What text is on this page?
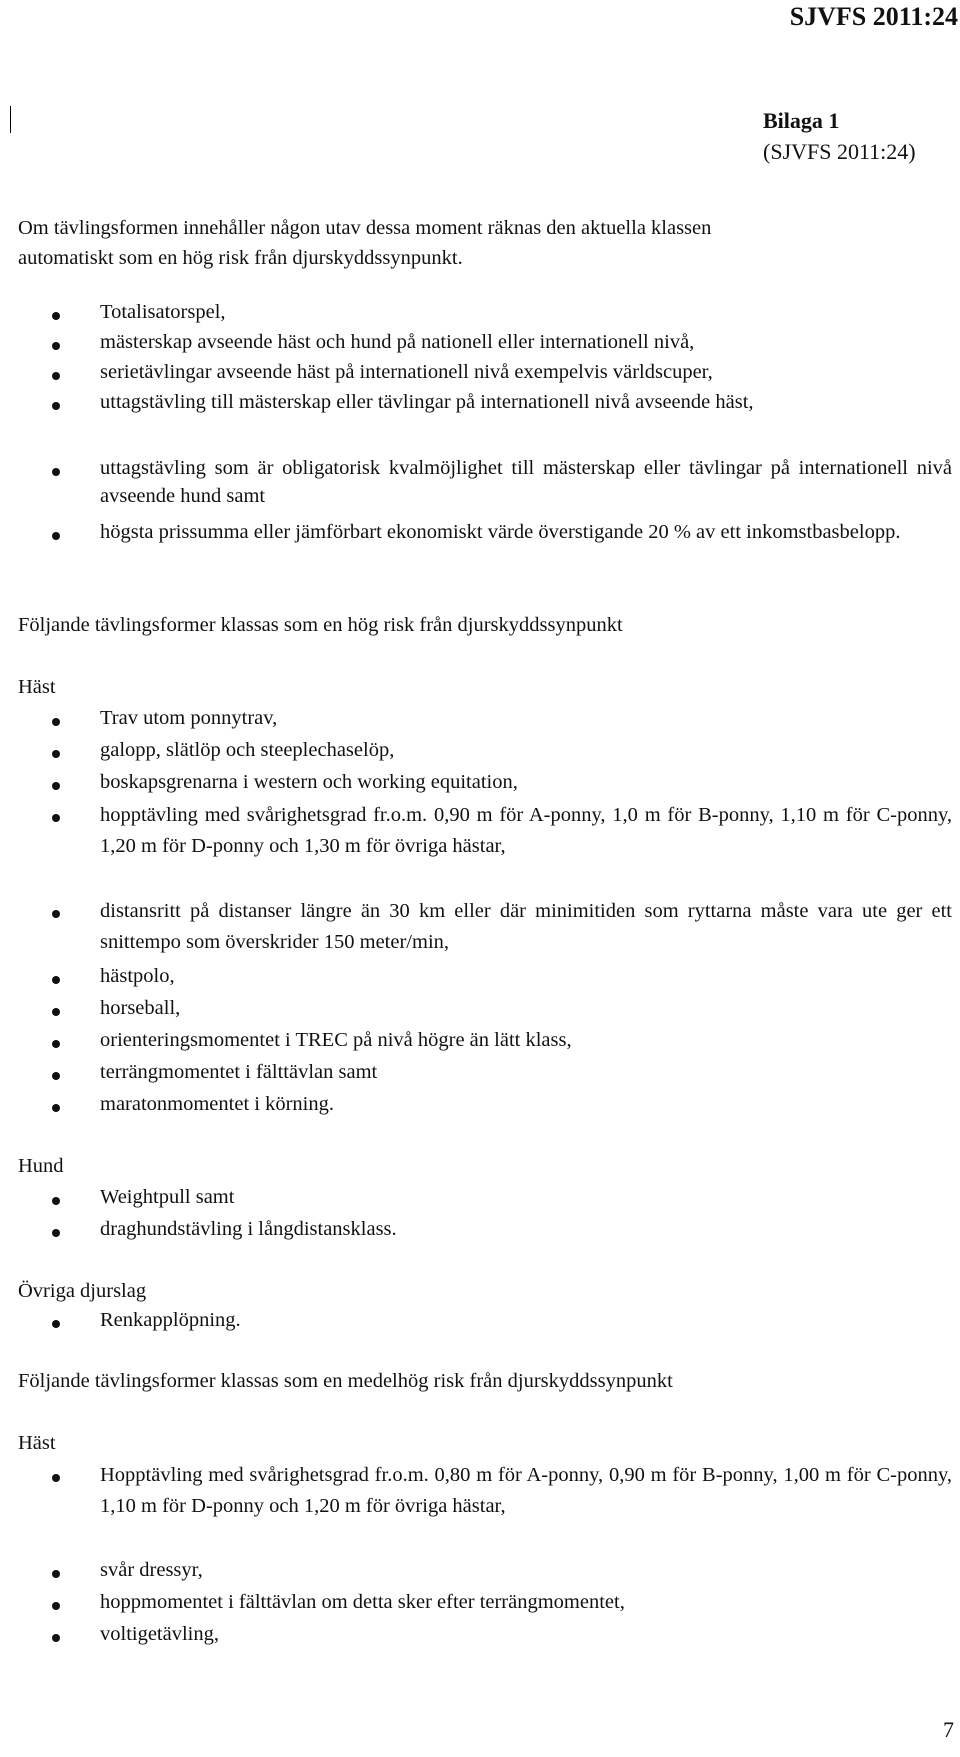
SJVFS 2011:24
Bilaga 1
(SJVFS 2011:24)
Om tävlingsformen innehåller någon utav dessa moment räknas den aktuella klassen
automatiskt som en hög risk från djurskyddssynpunkt.
Totalisatorspel,
mästerskap avseende häst och hund på nationell eller internationell nivå,
serietävlingar avseende häst på internationell nivå exempelvis världscuper,
uttagstävling till mästerskap eller tävlingar på internationell nivå avseende häst,
uttagstävling som är obligatorisk kvalmöjlighet till mästerskap eller tävlingar på internationell nivå avseende hund samt
högsta prissumma eller jämförbart ekonomiskt värde överstigande 20 % av ett inkomstbasbelopp.
Följande tävlingsformer klassas som en hög risk från djurskyddssynpunkt
Häst
Trav utom ponnytrav,
galopp, slätlöp och steeplechaselöp,
boskapsgrenarna i western och working equitation,
hopptävling med svårighetsgrad fr.o.m. 0,90 m för A-ponny, 1,0 m för B-ponny, 1,10 m för C-ponny, 1,20 m för D-ponny och 1,30 m för övriga hästar,
distansritt på distanser längre än 30 km eller där minimitiden som ryttarna måste vara ute ger ett snittempo som överskrider 150 meter/min,
hästpolo,
horseball,
orienteringsmomentet i TREC på nivå högre än lätt klass,
terrängmomentet i fälttävlan samt
maratonmomentet i körning.
Hund
Weightpull samt
draghundstävling i långdistansklass.
Övriga djurslag
Renkapplöpning.
Följande tävlingsformer klassas som en medelhög risk från djurskyddssynpunkt
Häst
Hopptävling med svårighetsgrad fr.o.m. 0,80 m för A-ponny, 0,90 m för B-ponny, 1,00 m för C-ponny, 1,10 m för D-ponny och 1,20 m för övriga hästar,
svår dressyr,
hoppmomentet i fälttävlan om detta sker efter terrängmomentet,
voltigetävling,
7
